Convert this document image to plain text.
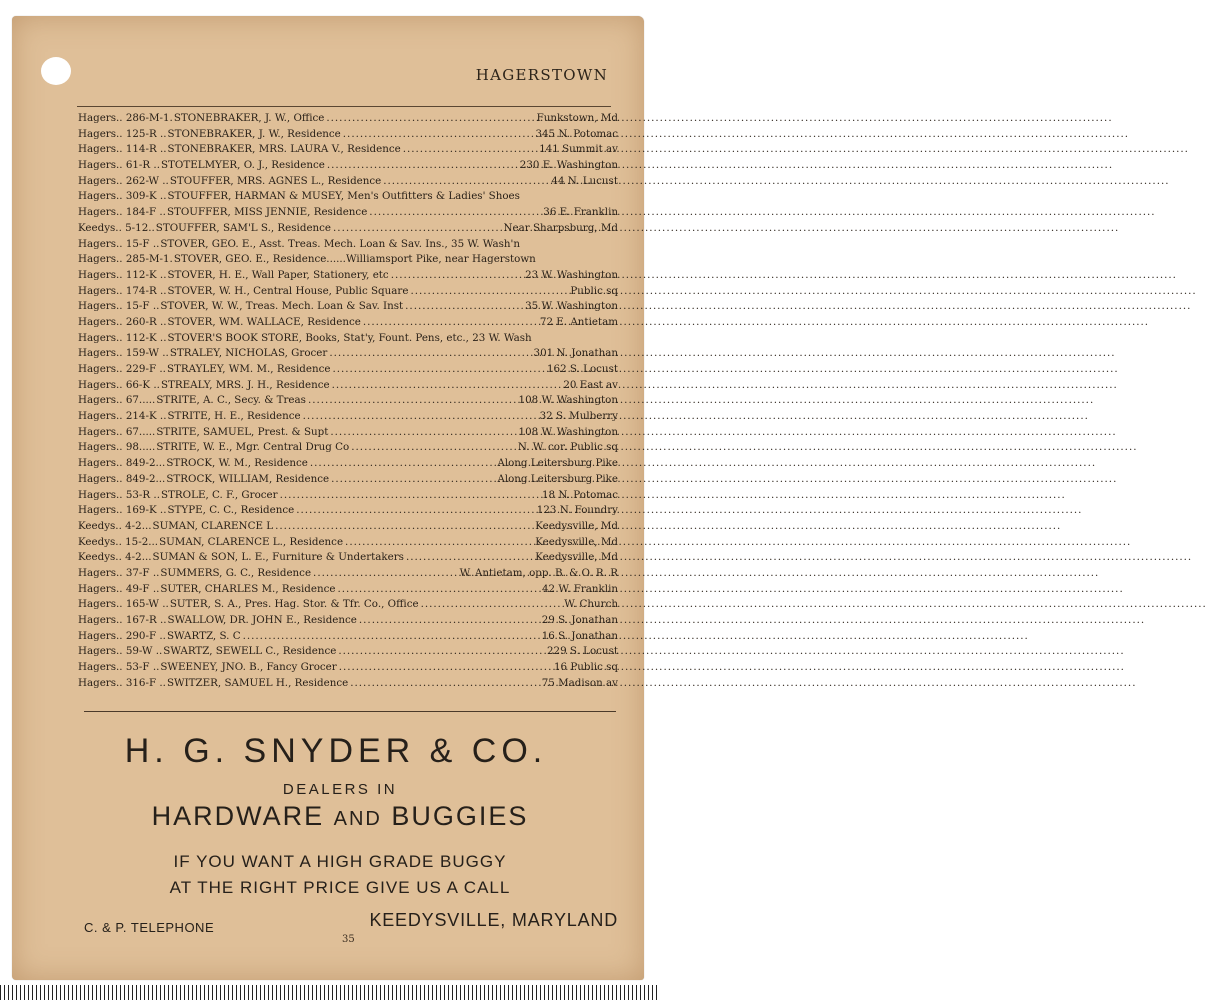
HAGERSTOWN
Hagers.. 286-M-1. STONEBRAKER, J. W., Office .....	Funkstown, Md
Hagers.. 125-R .. STONEBRAKER, J. W., Residence .....	345 N. Potomac
Hagers.. 114-R .. STONEBRAKER, MRS. LAURA V., Residence .....	141 Summit av
Hagers.. 61-R .. STOTELMYER, O. J., Residence .....	230 E. Washington
Hagers.. 262-W .. STOUFFER, MRS. AGNES L., Residence .....	44 N. Lucust
Hagers.. 309-K .. STOUFFER, HARMAN & MUSEY, Men's Outfitters & Ladies' Shoes
Hagers.. 184-F .. STOUFFER, MISS JENNIE, Residence .....	36 E. Franklin
Keedys.. 5-12.. STOUFFER, SAM'L S., Residence .....	Near Sharpsburg, Md
Hagers.. 15-F .. STOVER, GEO. E., Asst. Treas. Mech. Loan & Sav. Ins., 35 W. Wash'n
Hagers.. 285-M-1. STOVER, GEO. E., Residence......Williamsport Pike, near Hagerstown
Hagers.. 112-K .. STOVER, H. E., Wall Paper, Stationery, etc .....	23 W. Washington
Hagers.. 174-R .. STOVER, W. H., Central House, Public Square .....	Public sq
Hagers.. 15-F .. STOVER, W. W., Treas. Mech. Loan & Sav. Inst .....	35 W. Washington
Hagers.. 260-R .. STOVER, WM. WALLACE, Residence .....	72 E. Antietam
Hagers.. 112-K .. STOVER'S BOOK STORE, Books, Stat'y, Fount. Pens, etc., 23 W. Wash
Hagers.. 159-W .. STRALEY, NICHOLAS, Grocer .....	301 N. Jonathan
Hagers.. 229-F .. STRAYLEY, WM. M., Residence .....	162 S. Locust
Hagers.. 66-K .. STREALY, MRS. J. H., Residence .....	20 East av
Hagers.. 67..... STRITE, A. C., Secy. & Treas .....	108 W. Washington
Hagers.. 214-K .. STRITE, H. E., Residence .....	32 S. Mulberry
Hagers.. 67..... STRITE, SAMUEL, Prest. & Supt .....	108 W. Washington
Hagers.. 98..... STRITE, W. E., Mgr. Central Drug Co .....	N. W. cor. Public sq
Hagers.. 849-2... STROCK, W. M., Residence .....	Along Leitersburg Pike
Hagers.. 849-2... STROCK, WILLIAM, Residence .....	Along Leitersburg Pike
Hagers.. 53-R .. STROLE, C. F., Grocer .....	18 N. Potomac
Hagers.. 169-K .. STYPE, C. C., Residence .....	123 N. Foundry
Keedys.. 4-2... SUMAN, CLARENCE L .....	Keedysville, Md
Keedys.. 15-2... SUMAN, CLARENCE L., Residence .....	Keedysville, Md
Keedys.. 4-2... SUMAN & SON, L. E., Furniture & Undertakers .....	Keedysville, Md
Hagers.. 37-F .. SUMMERS, G. C., Residence .....	W. Antietam, opp. B. & O. R. R
Hagers.. 49-F .. SUTER, CHARLES M., Residence .....	42 W. Franklin
Hagers.. 165-W .. SUTER, S. A., Pres. Hag. Stor. & Tfr. Co., Office .....	W. Church
Hagers.. 167-R .. SWALLOW, DR. JOHN E., Residence .....	29 S. Jonathan
Hagers.. 290-F .. SWARTZ, S. C .....	16 S. Jonathan
Hagers.. 59-W .. SWARTZ, SEWELL C., Residence .....	229 S. Locust
Hagers.. 53-F .. SWEENEY, JNO. B., Fancy Grocer .....	16 Public sq
Hagers.. 316-F .. SWITZER, SAMUEL H., Residence .....	75 Madison av
H. G. SNYDER & CO.
DEALERS IN
HARDWARE AND BUGGIES
IF YOU WANT A HIGH GRADE BUGGY
AT THE RIGHT PRICE GIVE US A CALL
C. & P. TELEPHONE	KEEDYSVILLE, MARYLAND
35
